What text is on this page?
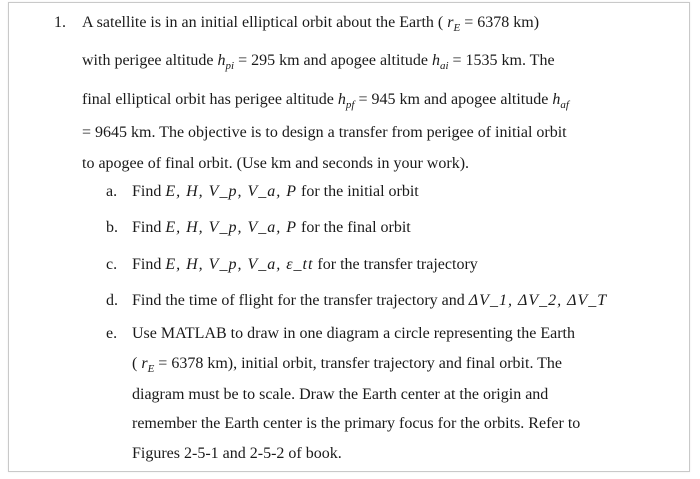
1. A satellite is in an initial elliptical orbit about the Earth ( $r_E = 6378$ km)
with perigee altitude $h_{pi} = 295$ km and apogee altitude $h_{ai} = 1535$ km. The
final elliptical orbit has perigee altitude $h_{pf} = 945$ km and apogee altitude $h_{af}$
= 9645 km. The objective is to design a transfer from perigee of initial orbit
to apogee of final orbit. (Use km and seconds in your work).
a. Find E, H, V_p, V_a, P for the initial orbit
b. Find E, H, V_p, V_a, P for the final orbit
c. Find E, H, V_p, V_a, ε_tt for the transfer trajectory
d. Find the time of flight for the transfer trajectory and ΔV_1, ΔV_2, ΔV_T
e. Use MATLAB to draw in one diagram a circle representing the Earth
( $r_E = 6378$ km), initial orbit, transfer trajectory and final orbit. The
diagram must be to scale. Draw the Earth center at the origin and
remember the Earth center is the primary focus for the orbits. Refer to
Figures 2-5-1 and 2-5-2 of book.
